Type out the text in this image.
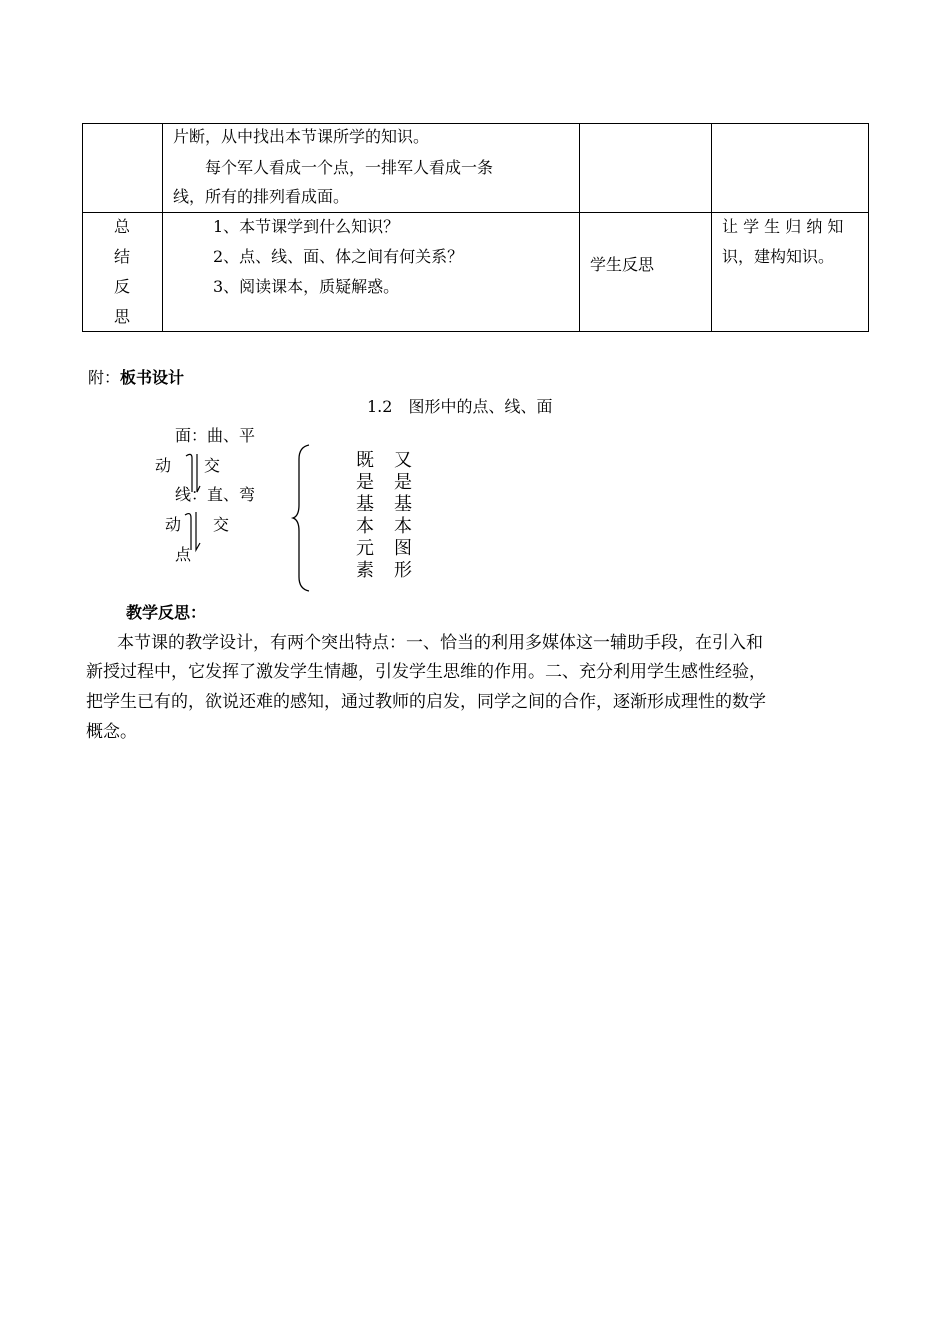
片断，从中找出本节课所学的知识。
每个军人看成一个点，一排军人看成一条
线，所有的排列看成面。
总
结
反
思
1、本节课学到什么知识？
2、点、线、面、体之间有何关系？
3、阅读课本，质疑解惑。
学生反思
让 学 生 归 纳 知
识，建构知识。
附：板书设计
1.2　图形中的点、线、面
面：曲、平
动 交
线：直、弯
动 交
点
既
是
基
本
元
素
又
是
基
本
图
形
教学反思：
本节课的教学设计，有两个突出特点：一、恰当的利用多媒体这一辅助手段，在引入和
新授过程中，它发挥了激发学生情趣，引发学生思维的作用。二、充分利用学生感性经验，
把学生已有的，欲说还难的感知，通过教师的启发，同学之间的合作，逐渐形成理性的数学
概念。
